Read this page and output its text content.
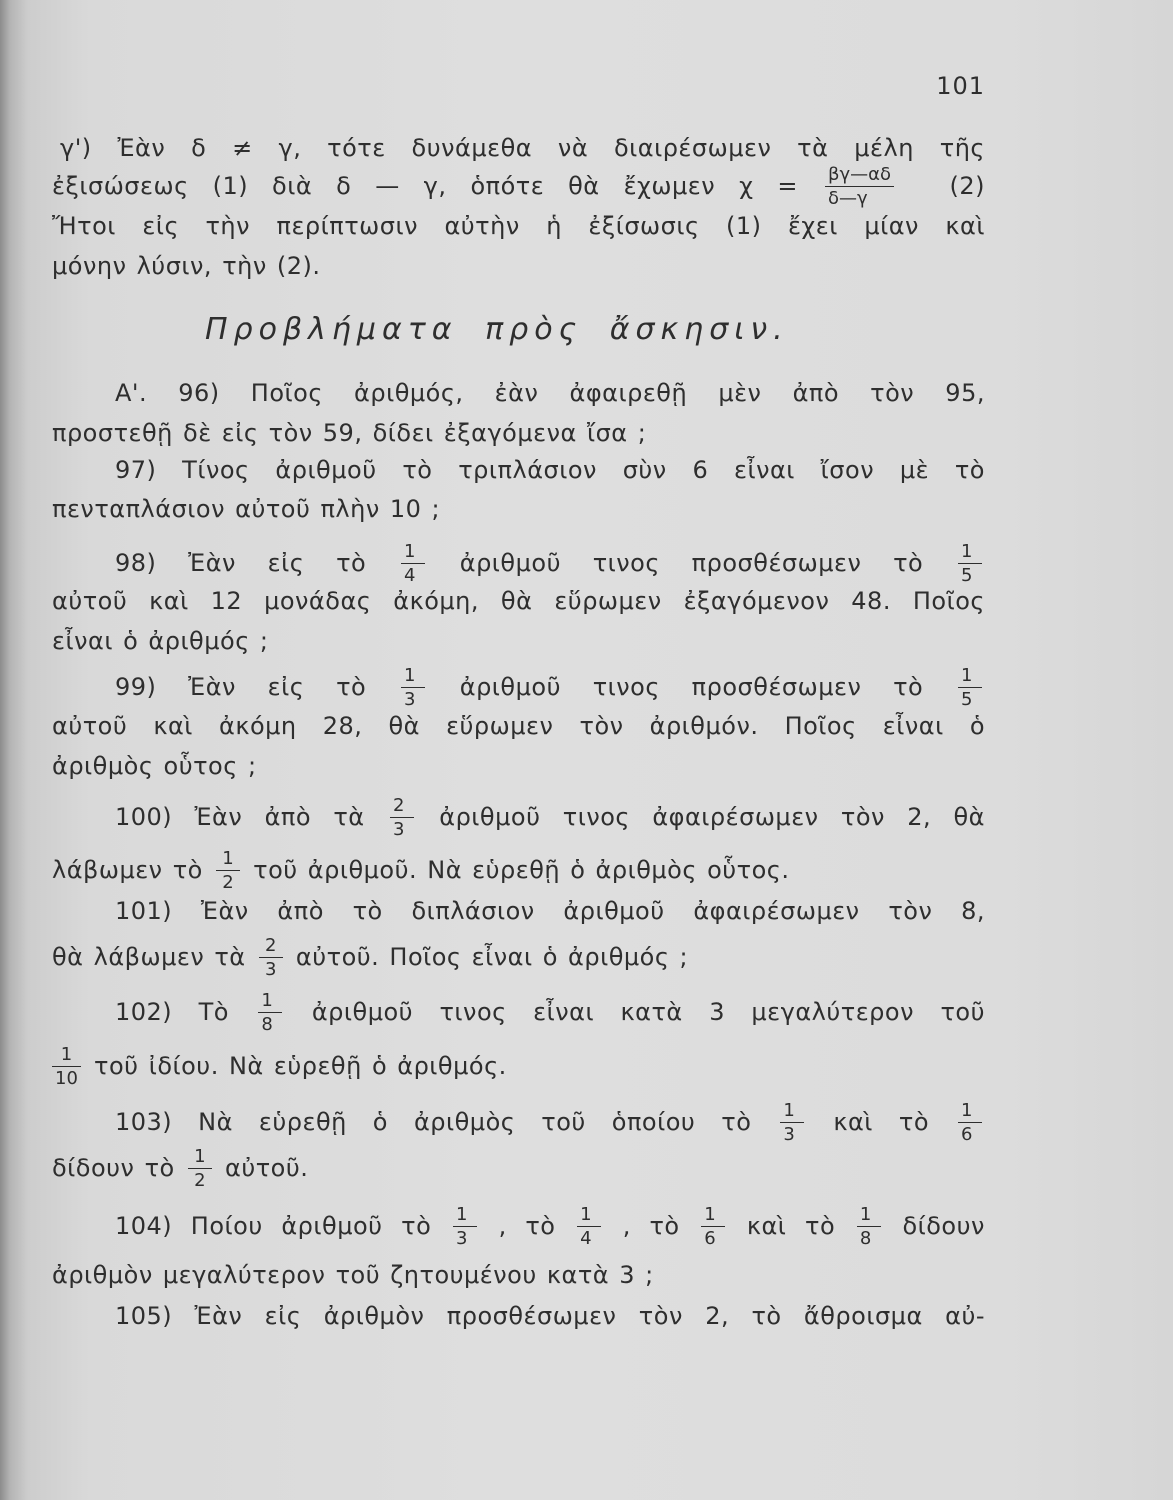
101
γ') Ἐὰν δ ≠ γ, τότε δυνάμεθα νὰ διαιρέσωμεν τὰ μέλη τῆς
ἐξισώσεως (1) διὰ δ — γ, ὁπότε θὰ ἔχωμεν $\chi = \frac{\beta\gamma—\alpha\delta}{\delta—\gamma} (2)$
Ἤτοι εἰς τὴν περίπτωσιν αὐτὴν ἡ ἐξίσωσις (1) ἔχει μίαν καὶ
μόνην λύσιν, τὴν (2).
Προβλήματα πρὸς ἄσκησιν.
Α'. 96) Ποῖος ἀριθμός, ἐὰν ἀφαιρεθῇ μὲν ἀπὸ τὸν 95,
προστεθῇ δὲ εἰς τὸν 59, δίδει ἐξαγόμενα ἴσα ;
97) Τίνος ἀριθμοῦ τὸ τριπλάσιον σὺν 6 εἶναι ἴσον μὲ τὸ
πενταπλάσιον αὐτοῦ πλὴν 10 ;
98) Ἐὰν εἰς τὸ $\frac{1}{4}$ ἀριθμοῦ τινος προσθέσωμεν τὸ $\frac{1}{5}$
αὐτοῦ καὶ 12 μονάδας ἀκόμη, θὰ εὕρωμεν ἐξαγόμενον 48. Ποῖος
εἶναι ὁ ἀριθμός ;
99) Ἐὰν εἰς τὸ $\frac{1}{3}$ ἀριθμοῦ τινος προσθέσωμεν τὸ $\frac{1}{5}$
αὐτοῦ καὶ ἀκόμη 28, θὰ εὕρωμεν τὸν ἀριθμόν. Ποῖος εἶναι ὁ
ἀριθμὸς οὗτος ;
100) Ἐὰν ἀπὸ τὰ $\frac{2}{3}$ ἀριθμοῦ τινος ἀφαιρέσωμεν τὸν 2, θὰ
λάβωμεν τὸ $\frac{1}{2}$ τοῦ ἀριθμοῦ. Νὰ εὑρεθῇ ὁ ἀριθμὸς οὗτος.
101) Ἐὰν ἀπὸ τὸ διπλάσιον ἀριθμοῦ ἀφαιρέσωμεν τὸν 8,
θὰ λάβωμεν τὰ $\frac{2}{3}$ αὐτοῦ. Ποῖος εἶναι ὁ ἀριθμός ;
102) Τὸ $\frac{1}{8}$ ἀριθμοῦ τινος εἶναι κατὰ 3 μεγαλύτερον τοῦ
$\frac{1}{10}$ τοῦ ἰδίου. Νὰ εὑρεθῇ ὁ ἀριθμός.
103) Νὰ εὑρεθῇ ὁ ἀριθμὸς τοῦ ὁποίου τὸ $\frac{1}{3}$ καὶ τὸ $\frac{1}{6}$
δίδουν τὸ $\frac{1}{2}$ αὐτοῦ.
104) Ποίου ἀριθμοῦ τὸ $\frac{1}{3}$ , τὸ $\frac{1}{4}$ , τὸ $\frac{1}{6}$ καὶ τὸ $\frac{1}{8}$ δίδουν
ἀριθμὸν μεγαλύτερον τοῦ ζητουμένου κατὰ 3 ;
105) Ἐὰν εἰς ἀριθμὸν προσθέσωμεν τὸν 2, τὸ ἄθροισμα αὐ-
